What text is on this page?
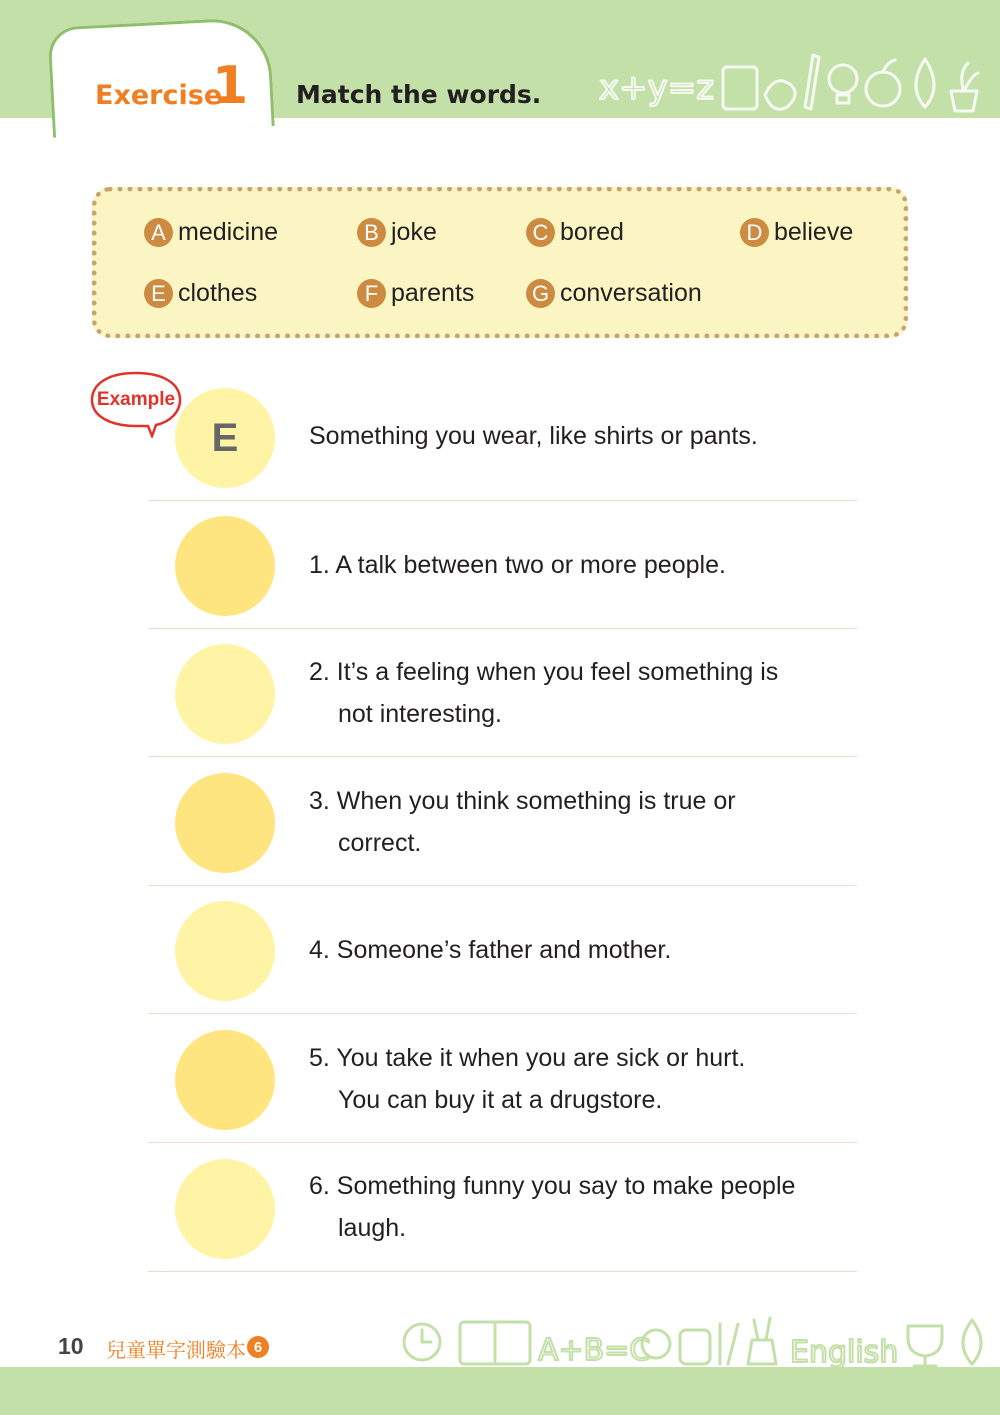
Exercise
1 Match the words. x+y=z
A medicine	B joke	C bored	D believe
E clothes	F parents	G conversation
E	Something you wear, like shirts or pants.
Example
1. A talk between two or more people.
2. It’s a feeling when you feel something is
not interesting.
3. When you think something is true or
correct.
4. Someone’s father and mother.
5. You take it when you are sick or hurt.
You can buy it at a drugstore.
6. Something funny you say to make people
laugh.
10 兒童單字測驗本 6	A+B=C	English
